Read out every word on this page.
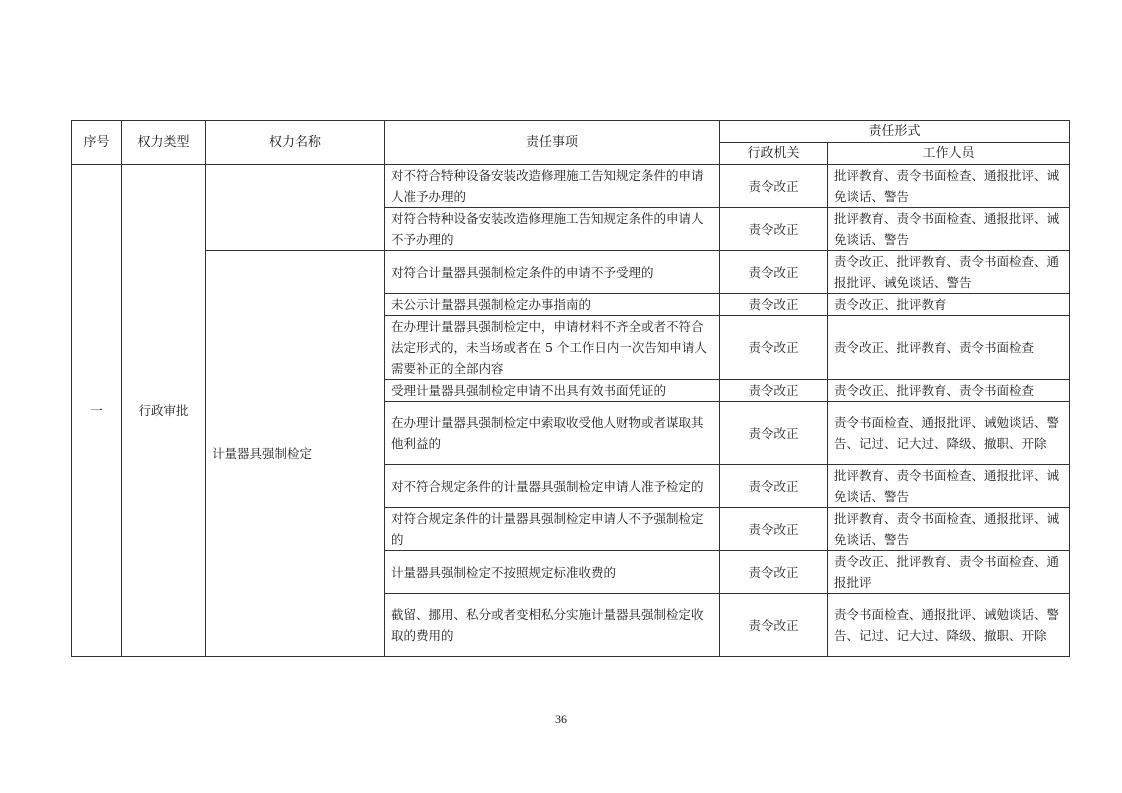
序号	权力类型	权力名称	责任事项	责任形式	
				行政机关	工作人员
一	行政审批		对不符合特种设备安装改造修理施工告知规定条件的申请人准予办理的	责令改正	批评教育、责令书面检查、通报批评、诫免谈话、警告
			对符合特种设备安装改造修理施工告知规定条件的申请人不予办理的	责令改正	批评教育、责令书面检查、通报批评、诫免谈话、警告
		计量器具强制检定	对符合计量器具强制检定条件的申请不予受理的	责令改正	责令改正、批评教育、责令书面检查、通报批评、诫免谈话、警告
			未公示计量器具强制检定办事指南的	责令改正	责令改正、批评教育
			在办理计量器具强制检定中，申请材料不齐全或者不符合法定形式的，未当场或者在 5 个工作日内一次告知申请人需要补正的全部内容	责令改正	责令改正、批评教育、责令书面检查
			受理计量器具强制检定申请不出具有效书面凭证的	责令改正	责令改正、批评教育、责令书面检查
			在办理计量器具强制检定中索取收受他人财物或者谋取其他利益的	责令改正	责令书面检查、通报批评、诫勉谈话、警告、记过、记大过、降级、撤职、开除
			对不符合规定条件的计量器具强制检定申请人准予检定的	责令改正	批评教育、责令书面检查、通报批评、诫免谈话、警告
			对符合规定条件的计量器具强制检定申请人不予强制检定的	责令改正	批评教育、责令书面检查、通报批评、诫免谈话、警告
			计量器具强制检定不按照规定标准收费的	责令改正	责令改正、批评教育、责令书面检查、通报批评
			截留、挪用、私分或者变相私分实施计量器具强制检定收取的费用的	责令改正	责令书面检查、通报批评、诫勉谈话、警告、记过、记大过、降级、撤职、开除
36
